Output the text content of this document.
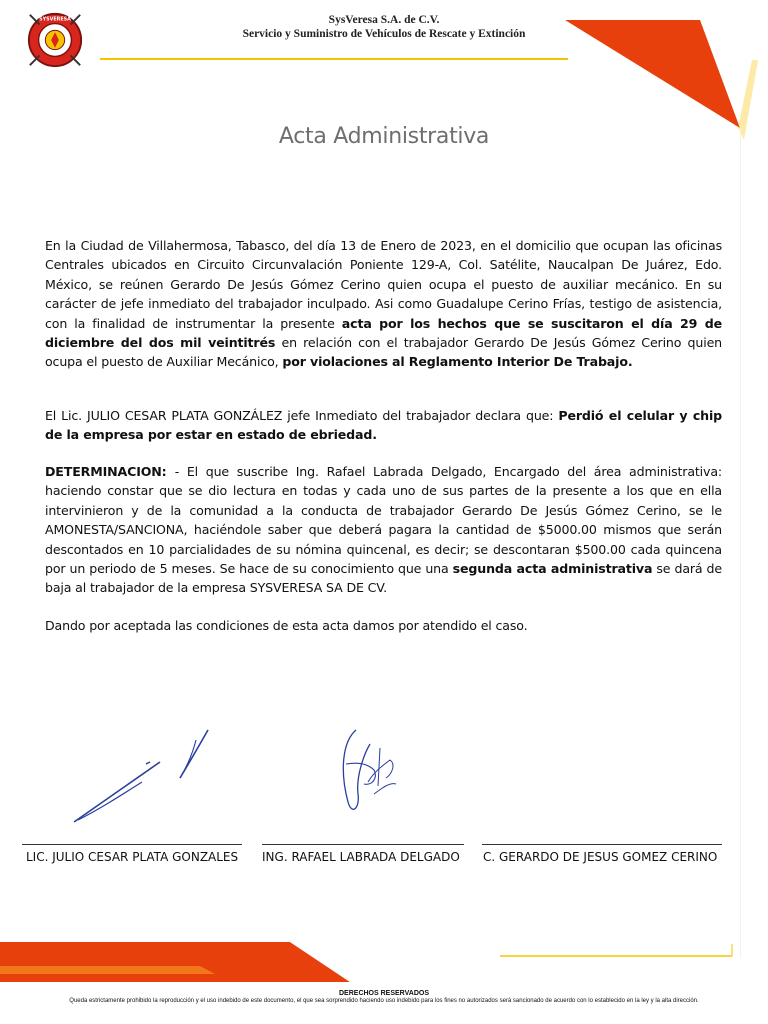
SYSVERESA	SysVeresa S.A. de C.V.
Servicio y Suministro de Vehículos de Rescate y Extinción
Acta Administrativa
En la Ciudad de Villahermosa, Tabasco, del día 13 de Enero de 2023, en el domicilio que ocupan las oficinas Centrales ubicados en Circuito Circunvalación Poniente 129-A, Col. Satélite, Naucalpan De Juárez, Edo. México, se reúnen Gerardo De Jesús Gómez Cerino quien ocupa el puesto de auxiliar mecánico. En su carácter de jefe inmediato del trabajador inculpado. Asi como Guadalupe Cerino Frías, testigo de asistencia, con la finalidad de instrumentar la presente acta por los hechos que se suscitaron el día 29 de diciembre del dos mil veintitrés en relación con el trabajador Gerardo De Jesús Gómez Cerino quien ocupa el puesto de Auxiliar Mecánico, por violaciones al Reglamento Interior De Trabajo.
El Lic. JULIO CESAR PLATA GONZÁLEZ jefe Inmediato del trabajador declara que: Perdió el celular y chip de la empresa por estar en estado de ebriedad.
DETERMINACION: - El que suscribe Ing. Rafael Labrada Delgado, Encargado del área administrativa: haciendo constar que se dio lectura en todas y cada uno de sus partes de la presente a los que en ella intervinieron y de la comunidad a la conducta de trabajador Gerardo De Jesús Gómez Cerino, se le AMONESTA/SANCIONA, haciéndole saber que deberá pagara la cantidad de $5000.00 mismos que serán descontados en 10 parcialidades de su nómina quincenal, es decir; se descontaran $500.00 cada quincena por un periodo de 5 meses. Se hace de su conocimiento que una segunda acta administrativa se dará de baja al trabajador de la empresa SYSVERESA SA DE CV.
Dando por aceptada las condiciones de esta acta damos por atendido el caso.
LIC. JULIO CESAR PLATA GONZALES ING. RAFAEL LABRADA DELGADO C. GERARDO DE JESUS GOMEZ CERINO
DERECHOS RESERVADOS
Queda estrictamente prohibido la reproducción y el uso indebido de este documento, el que sea sorprendido haciendo uso indebido para los fines no autorizados será sancionado de acuerdo con lo establecido en la ley y la alta dirección.
